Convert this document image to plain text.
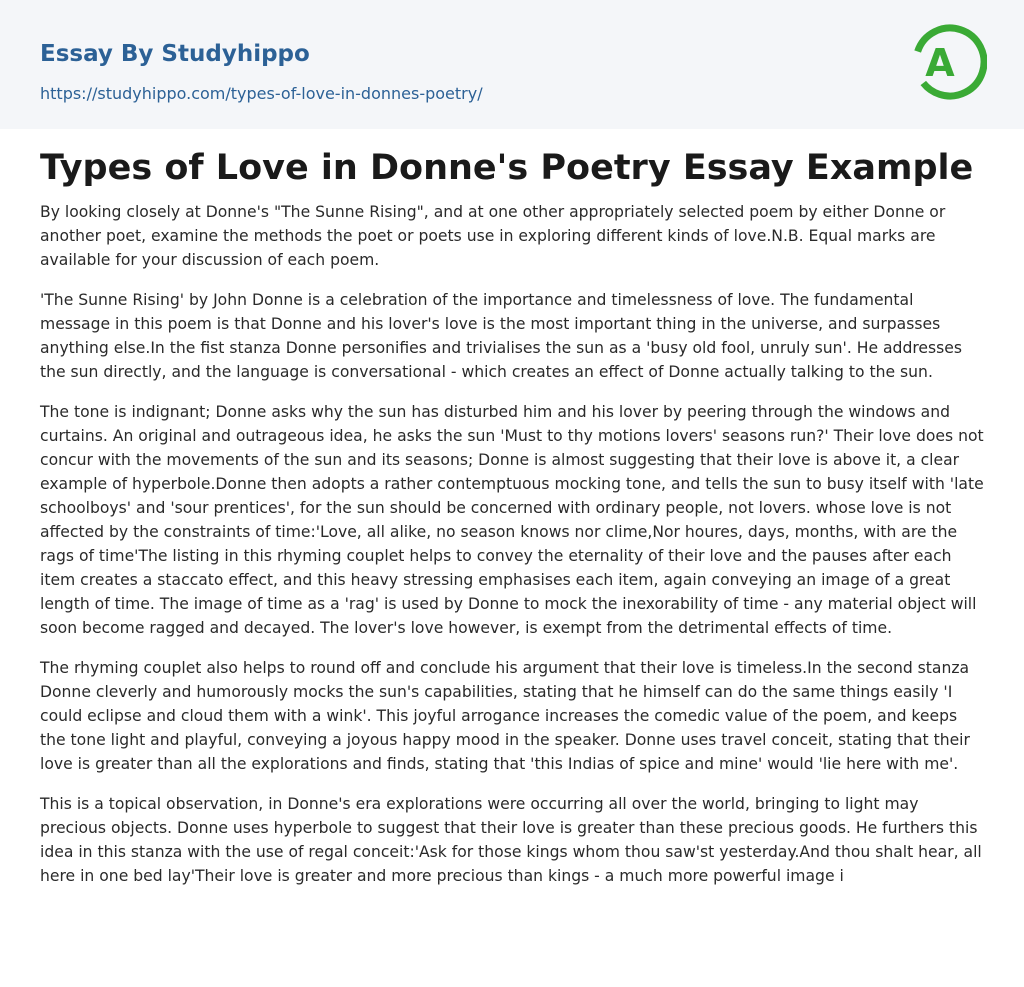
Essay By Studyhippo
https://studyhippo.com/types-of-love-in-donnes-poetry/
A
Types of Love in Donne's Poetry Essay Example

By looking closely at Donne's "The Sunne Rising", and at one other appropriately selected poem by either Donne or another poet, examine the methods the poet or poets use in exploring different kinds of love.N.B. Equal marks are available for your discussion of each poem.

'The Sunne Rising' by John Donne is a celebration of the importance and timelessness of love. The fundamental message in this poem is that Donne and his lover's love is the most important thing in the universe, and surpasses anything else.In the fist stanza Donne personifies and trivialises the sun as a 'busy old fool, unruly sun'. He addresses the sun directly, and the language is conversational - which creates an effect of Donne actually talking to the sun.

The tone is indignant; Donne asks why the sun has disturbed him and his lover by peering through the windows and curtains. An original and outrageous idea, he asks the sun 'Must to thy motions lovers' seasons run?' Their love does not concur with the movements of the sun and its seasons; Donne is almost suggesting that their love is above it, a clear example of hyperbole.Donne then adopts a rather contemptuous mocking tone, and tells the sun to busy itself with 'late schoolboys' and 'sour prentices', for the sun should be concerned with ordinary people, not lovers. whose love is not affected by the constraints of time:'Love, all alike, no season knows nor clime,Nor houres, days, months, with are the rags of time'The listing in this rhyming couplet helps to convey the eternality of their love and the pauses after each item creates a staccato effect, and this heavy stressing emphasises each item, again conveying an image of a great length of time. The image of time as a 'rag' is used by Donne to mock the inexorability of time - any material object will soon become ragged and decayed. The lover's love however, is exempt from the detrimental effects of time.

The rhyming couplet also helps to round off and conclude his argument that their love is timeless.In the second stanza Donne cleverly and humorously mocks the sun's capabilities, stating that he himself can do the same things easily 'I could eclipse and cloud them with a wink'. This joyful arrogance increases the comedic value of the poem, and keeps the tone light and playful, conveying a joyous happy mood in the speaker. Donne uses travel conceit, stating that their love is greater than all the explorations and finds, stating that 'this Indias of spice and mine' would 'lie here with me'.

This is a topical observation, in Donne's era explorations were occurring all over the world, bringing to light may precious objects. Donne uses hyperbole to suggest that their love is greater than these precious goods. He furthers this idea in this stanza with the use of regal conceit:'Ask for those kings whom thou saw'st yesterday.And thou shalt hear, all here in one bed lay'Their love is greater and more precious than kings - a much more powerful image i
